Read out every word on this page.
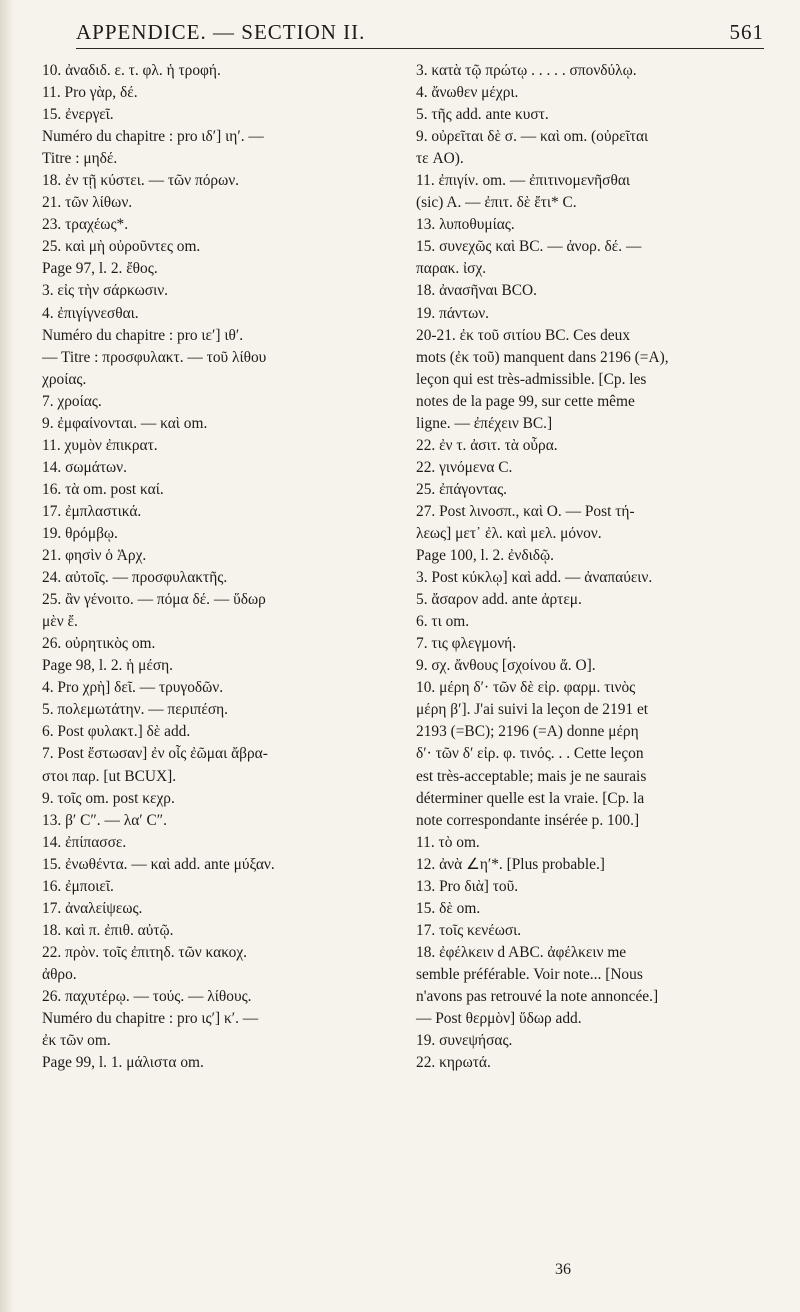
APPENDICE. — SECTION II.	561
10. ἀναδιδ. ε. τ. φλ. ἡ τροφή.
11. Pro γὰρ, δέ.
15. ἐνεργεῖ.
Numéro du chapitre : pro ιδ′] ιη′. —
Titre : μηδέ.
18. ἐν τῇ κύστει. — τῶν πόρων.
21. τῶν λίθων.
23. τραχέως*.
25. καὶ μὴ οὐροῦντες om.
Page 97, l. 2. ἔθος.
3. εἰς τὴν σάρκωσιν.
4. ἐπιγίγνεσθαι.
Numéro du chapitre : pro ιε′] ιθ′.
— Titre : προσφυλακτ. — τοῦ λίθου
χροίας.
7. χροίας.
9. ἐμφαίνονται. — καὶ om.
11. χυμὸν ἐπικρατ.
14. σωμάτων.
16. τὰ om. post καί.
17. ἐμπλαστικά.
19. θρόμβῳ.
21. φησὶν ὁ Ἀρχ.
24. αὐτοῖς. — προσφυλακτῆς.
25. ἂν γένοιτο. — πόμα δέ. — ὕδωρ
μὲν ἔ.
26. οὐρητικὸς om.
Page 98, l. 2. ἡ μέση.
4. Pro χρὴ] δεῖ. — τρυγοδῶν.
5. πολεμωτάτην. — περιπέση.
6. Post φυλακτ.] δὲ add.
7. Post ἔστωσαν] ἐν οἷς ἐῶμαι ἄβρα-
στοι παρ. [ut BCUX].
9. τοῖς om. post κεχρ.
13. β′ C″. — λα′ C″.
14. ἐπίπασσε.
15. ἐνωθέντα. — καὶ add. ante μύξαν.
16. ἐμποιεῖ.
17. ἀναλείψεως.
18. καὶ π. ἐπιθ. αὐτῷ.
22. πρὸν. τοῖς ἐπιτηδ. τῶν κακοχ.
ἀθρο.
26. παχυτέρῳ. — τούς. — λίθους.
Numéro du chapitre : pro ις′] κ′. —
ἐκ τῶν om.
Page 99, l. 1. μάλιστα om.
3. κατὰ τῷ πρώτῳ . . . . . σπονδύλῳ.
4. ἄνωθεν μέχρι.
5. τῆς add. ante κυστ.
9. οὐρεῖται δὲ σ. — καὶ om. (οὐρεῖται
τε AO).
11. ἐπιγίν. om. — ἐπιτινομενῆσθαι
(sic) A. — ἐπιτ. δὲ ἔτι* C.
13. λυποθυμίας.
15. συνεχῶς καὶ BC. — ἀνορ. δέ. —
παρακ. ἰσχ.
18. ἀνασῆναι BCO.
19. πάντων.
20-21. ἐκ τοῦ σιτίου BC. Ces deux
mots (ἐκ τοῦ) manquent dans 2196 (=A),
leçon qui est très-admissible. [Cp. les
notes de la page 99, sur cette même
ligne. — ἐπέχειν BC.]
22. ἐν τ. ἀσιτ. τὰ οὖρα.
22. γινόμενα C.
25. ἐπάγοντας.
27. Post λινοσπ., καὶ O. — Post τή-
λεως] μετ᾽ ἐλ. καὶ μελ. μόνον.
Page 100, l. 2. ἐνδιδῷ.
3. Post κύκλῳ] καὶ add. — ἀναπαύειν.
5. ἄσαρον add. ante ἀρτεμ.
6. τι om.
7. τις φλεγμονή.
9. σχ. ἄνθους [σχοίνου ἄ. O].
10. μέρη δ′· τῶν δὲ εἰρ. φαρμ. τινὸς
μέρη β′]. J'ai suivi la leçon de 2191 et
2193 (=BC); 2196 (=A) donne μέρη
δ′· τῶν δ′ εἰρ. φ. τινός. . . Cette leçon
est très-acceptable; mais je ne saurais
déterminer quelle est la vraie. [Cp. la
note correspondante insérée p. 100.]
11. τὸ om.
12. ἀνὰ ∠η′*. [Plus probable.]
13. Pro διὰ] τοῦ.
15. δὲ om.
17. τοῖς κενέωσι.
18. ἐφέλκειν d ABC. ἀφέλκειν me
semble préférable. Voir note... [Nous
n'avons pas retrouvé la note annoncée.]
— Post θερμὸν] ὕδωρ add.
19. συνεψήσας.
22. κηρωτά.
36
